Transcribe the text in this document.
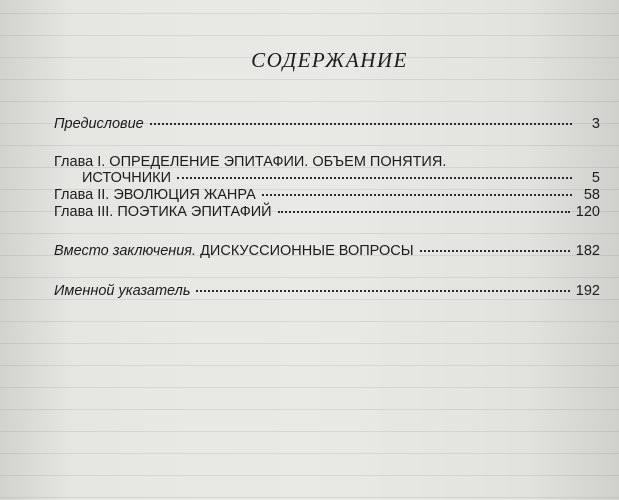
СОДЕРЖАНИЕ
Предисловие	3
Глава I. ОПРЕДЕЛЕНИЕ ЭПИТАФИИ. ОБЪЕМ ПОНЯТИЯ.
ИСТОЧНИКИ	5
Глава II. ЭВОЛЮЦИЯ ЖАНРА	58
Глава III. ПОЭТИКА ЭПИТАФИЙ	120
Вместо заключения. ДИСКУССИОННЫЕ ВОПРОСЫ	182
Именной указатель	192
